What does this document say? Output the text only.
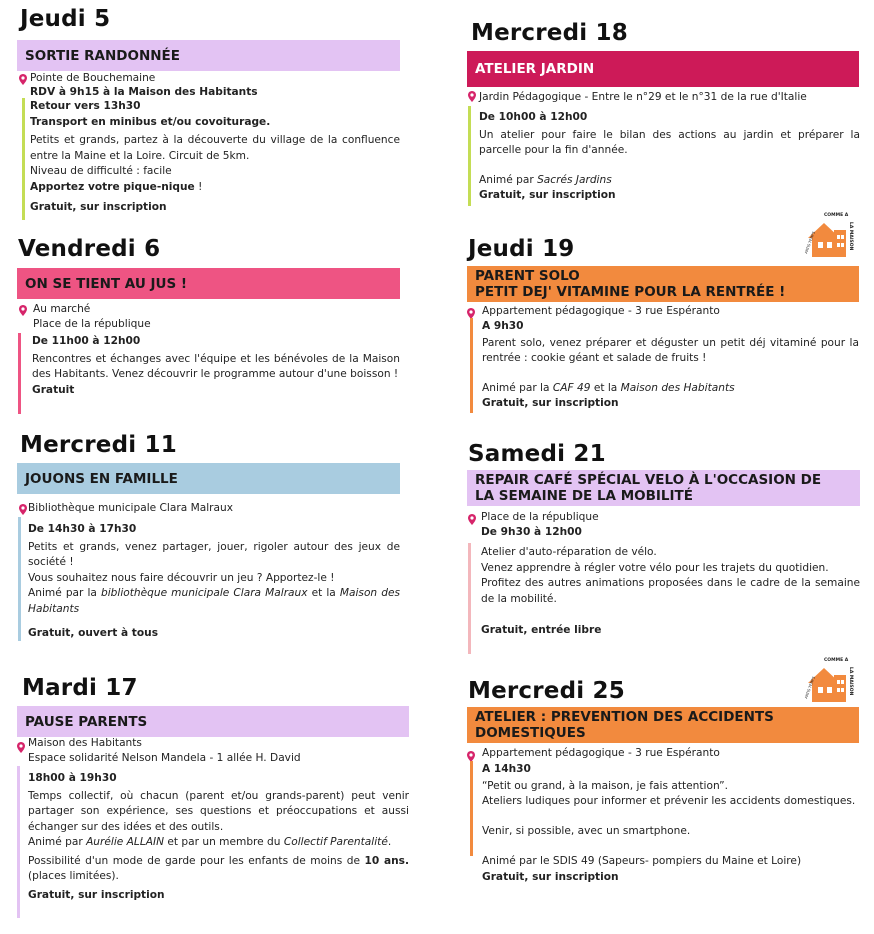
Jeudi 5
SORTIE RANDONNÉE
Pointe de Bouchemaine
RDV à 9h15 à la Maison des Habitants
Retour vers 13h30
Transport en minibus et/ou covoiturage.
Petits et grands, partez à la découverte du village de la confluence entre la Maine et la Loire. Circuit de 5km.
Niveau de difficulté : facile
Apportez votre pique-nique !
Gratuit, sur inscription
Vendredi 6
ON SE TIENT AU JUS !
Au marché
Place de la république
De 11h00 à 12h00
Rencontres et échanges avec l'équipe et les bénévoles de la Maison des Habitants. Venez découvrir le programme autour d'une boisson !
Gratuit
Mercredi 11
JOUONS EN FAMILLE
Bibliothèque municipale Clara Malraux
De 14h30 à 17h30
Petits et grands, venez partager, jouer, rigoler autour des jeux de société !
Vous souhaitez nous faire découvrir un jeu ? Apportez-le !
Animé par la bibliothèque municipale Clara Malraux et la Maison des Habitants
Gratuit, ouvert à tous
Mardi 17
PAUSE PARENTS
Maison des Habitants
Espace solidarité Nelson Mandela - 1 allée H. David
18h00 à 19h30
Temps collectif, où chacun (parent et/ou grands-parent) peut venir partager son expérience, ses questions et préoccupations et aussi échanger sur des idées et des outils.
Animé par Aurélie ALLAIN et par un membre du Collectif Parentalité.
Possibilité d'un mode de garde pour les enfants de moins de 10 ans. (places limitées).
Gratuit, sur inscription
Mercredi 18
ATELIER JARDIN
Jardin Pédagogique - Entre le n°29 et le n°31 de la rue d'Italie
De 10h00 à 12h00
Un atelier pour faire le bilan des actions au jardin et préparer la parcelle pour la fin d'année.
Animé par Sacrés Jardins
Gratuit, sur inscription
Jeudi 19
PARENT SOLO
PETIT DEJ' VITAMINE POUR LA RENTRÉE !
Appartement pédagogique - 3 rue Espéranto
A 9h30
Parent solo, venez préparer et déguster un petit déj vitaminé pour la rentrée : cookie géant et salade de fruits !
Animé par la CAF 49 et la Maison des Habitants
Gratuit, sur inscription
Samedi 21
REPAIR CAFÉ SPÉCIAL VELO À L'OCCASION DE
LA SEMAINE DE LA MOBILITÉ
Place de la république
De 9h30 à 12h00
Atelier d'auto-réparation de vélo.
Venez apprendre à régler votre vélo pour les trajets du quotidien.
Profitez des autres animations proposées dans le cadre de la semaine de la mobilité.
Gratuit, entrée libre
Mercredi 25
ATELIER : PREVENTION DES ACCIDENTS
DOMESTIQUES
Appartement pédagogique - 3 rue Espéranto
A 14h30
“Petit ou grand, à la maison, je fais attention”.
Ateliers ludiques pour informer et prévenir les accidents domestiques.
Venir, si possible, avec un smartphone.
Animé par le SDIS 49 (Sapeurs- pompiers du Maine et Loire)
Gratuit, sur inscription
